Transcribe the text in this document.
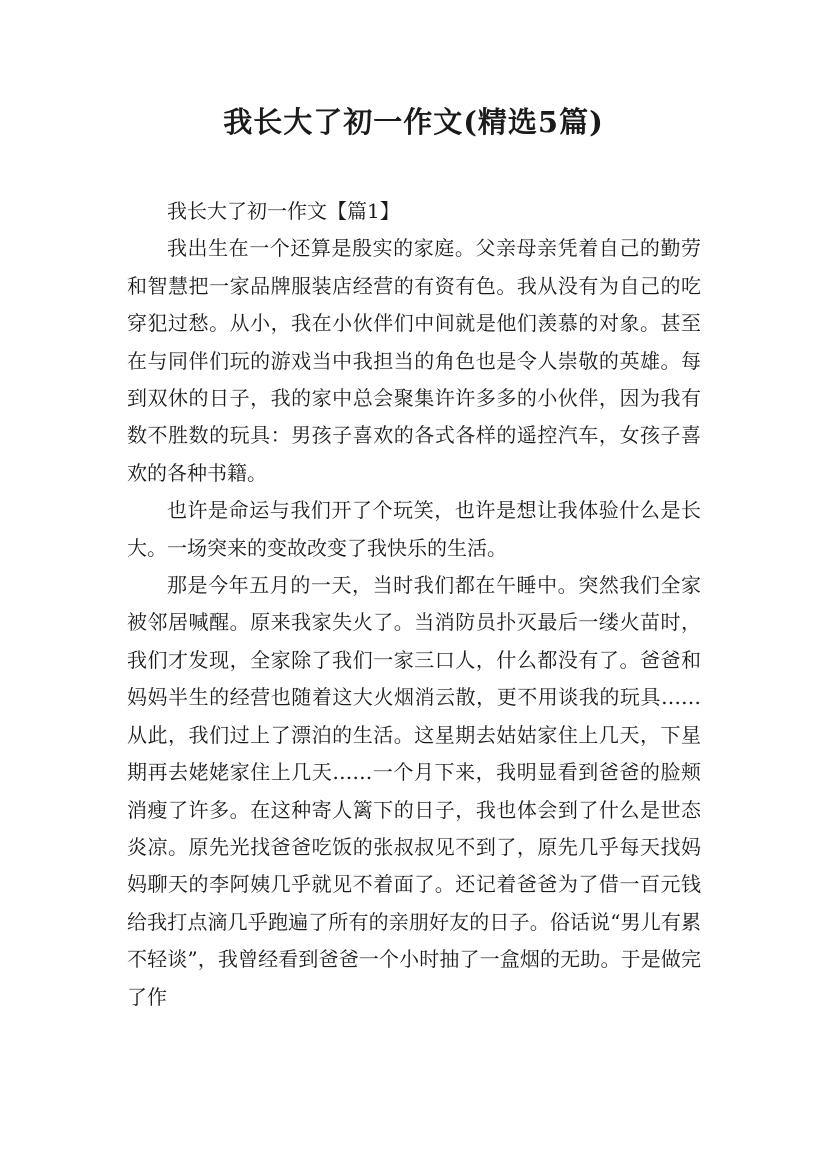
我长大了初一作文(精选5篇)

我长大了初一作文【篇1】

我出生在一个还算是殷实的家庭。父亲母亲凭着自己的勤劳和智慧把一家品牌服装店经营的有资有色。我从没有为自己的吃穿犯过愁。从小，我在小伙伴们中间就是他们羡慕的对象。甚至在与同伴们玩的游戏当中我担当的角色也是令人崇敬的英雄。每到双休的日子，我的家中总会聚集许许多多的小伙伴，因为我有数不胜数的玩具：男孩子喜欢的各式各样的遥控汽车，女孩子喜欢的各种书籍。

也许是命运与我们开了个玩笑，也许是想让我体验什么是长大。一场突来的变故改变了我快乐的生活。

那是今年五月的一天，当时我们都在午睡中。突然我们全家被邻居喊醒。原来我家失火了。当消防员扑灭最后一缕火苗时，我们才发现，全家除了我们一家三口人，什么都没有了。爸爸和妈妈半生的经营也随着这大火烟消云散，更不用谈我的玩具……从此，我们过上了漂泊的生活。这星期去姑姑家住上几天，下星期再去姥姥家住上几天……一个月下来，我明显看到爸爸的脸颊消瘦了许多。在这种寄人篱下的日子，我也体会到了什么是世态炎凉。原先光找爸爸吃饭的张叔叔见不到了，原先几乎每天找妈妈聊天的李阿姨几乎就见不着面了。还记着爸爸为了借一百元钱给我打点滴几乎跑遍了所有的亲朋好友的日子。俗话说“男儿有累不轻谈”，我曾经看到爸爸一个小时抽了一盒烟的无助。于是做完了作
